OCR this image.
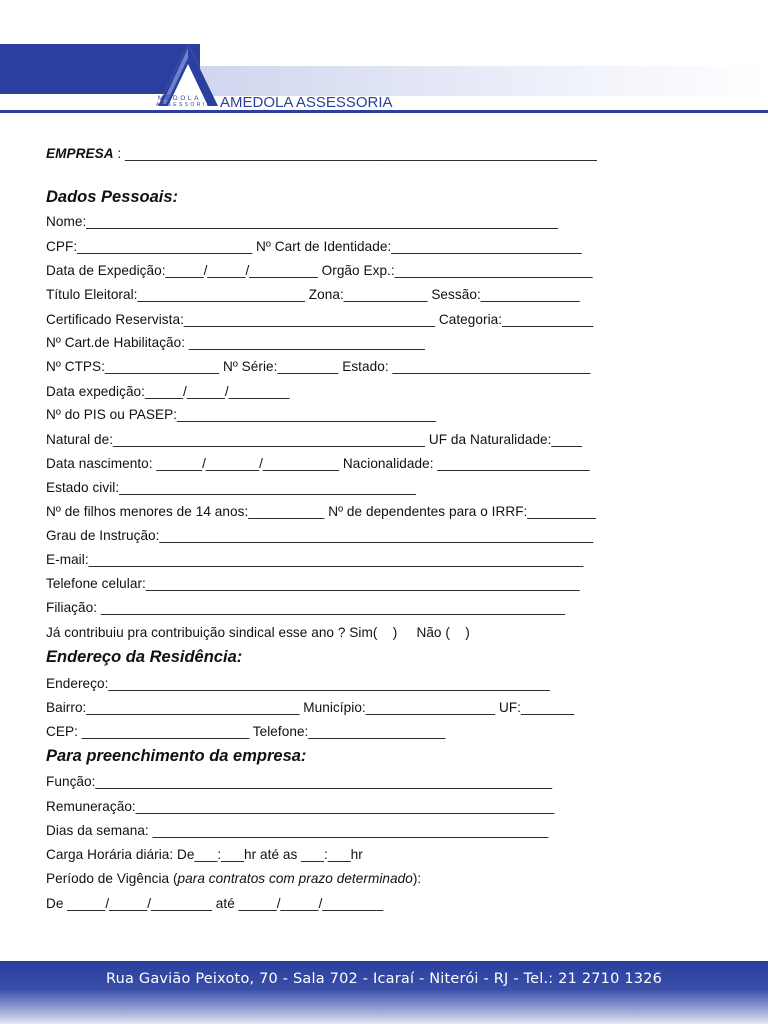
MEDOLA
ASSESSORIA AMEDOLA ASSESSORIA
EMPRESA : ______________________________________________________________
Dados Pessoais:
Nome:______________________________________________________________
CPF:_______________________ Nº Cart de Identidade:_________________________
Data de Expedição:_____/_____/_________ Orgão Exp.:__________________________
Título Eleitoral:______________________ Zona:___________ Sessão:_____________
Certificado Reservista:_________________________________ Categoria:____________
Nº Cart.de Habilitação: _______________________________
Nº CTPS:_______________ Nº Série:________ Estado: __________________________
Data expedição:_____/_____/________
Nº do PIS ou PASEP:__________________________________
Natural de:_________________________________________ UF da Naturalidade:____
Data nascimento: ______/_______/__________ Nacionalidade: ____________________
Estado civil:_______________________________________
Nº de filhos menores de 14 anos:__________ Nº de dependentes para o IRRF:_________
Grau de Instrução:_________________________________________________________
E-mail:_________________________________________________________________
Telefone celular:_________________________________________________________
Filiação: _____________________________________________________________
Já contribuiu pra contribuição sindical esse ano ? Sim(    )     Não (    )
Endereço da Residência:
Endereço:__________________________________________________________
Bairro:____________________________ Município:_________________ UF:_______
CEP: ______________________ Telefone:__________________
Para preenchimento da empresa:
Função:____________________________________________________________
Remuneração:_______________________________________________________
Dias da semana: ____________________________________________________
Carga Horária diária: De___:___hr até as ___:___hr
Período de Vigência (para contratos com prazo determinado):
De _____/_____/________ até _____/_____/________
Rua Gavião Peixoto, 70 - Sala 702 - Icaraí - Niterói - RJ - Tel.: 21 2710 1326
